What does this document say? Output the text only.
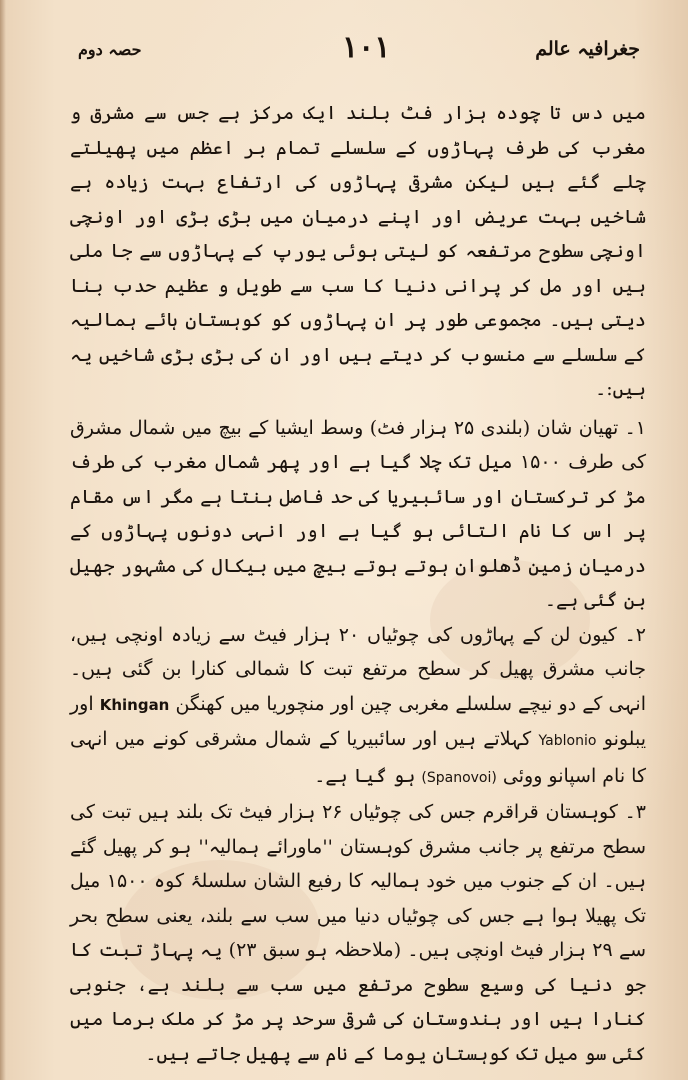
جغرافیہ عالم
۱۰۱
حصہ دوم

میں دس تا چودہ ہزار فٹ بلند ایک مرکز ہے جس سے مشرق و مغرب کی طرف پہاڑوں کے سلسلے تمام بر اعظم میں پھیلتے چلے گئے ہیں لیکن مشرقی پہاڑوں کی ارتفاع بہت زیادہ ہے شاخیں بہت عریض اور اپنے درمیان میں بڑی بڑی اور اونچی اونچی سطوح مرتفعہ کو لیتی ہوئی یورپ کے پہاڑوں سے جا ملی ہیں اور مل کر پرانی دنیا کا سب سے طویل و عظیم حدب بنا دیتی ہیں۔ مجموعی طور پر ان پہاڑوں کو کوہستان ہائے ہمالیہ کے سلسلے سے منسوب کر دیتے ہیں اور ان کی بڑی بڑی شاخیں یہ ہیں:۔

۱۔ تھیان شان (بلندی ۲۵ ہزار فٹ) وسط ایشیا کے بیچ میں شمال مشرق کی طرف ۱۵۰۰ میل تک چلا گیا ہے اور پھر شمال مغرب کی طرف مڑ کر ترکستان اور سائبیریا کی حد فاصل بنتا ہے مگر اس مقام پر اس کا نام التائی ہو گیا ہے اور انہی دونوں پہاڑوں کے درمیان زمین ڈھلوان ہوتے ہوتے بیچ میں بیکال کی مشہور جھیل بن گئی ہے۔

۲۔ کیون لن کے پہاڑوں کی چوٹیاں ۲۰ ہزار فیٹ سے زیادہ اونچی ہیں، جانب مشرق پھیل کر سطح مرتفع تبت کا شمالی کنارا بن گئی ہیں۔ انہی کے دو نیچے سلسلے مغربی چین اور منچوریا میں کھنگن Khingan اور یبلونو Yablonio کہلاتے ہیں اور سائبیریا کے شمال مشرقی کونے میں انہی کا نام اسپانو ووئی (Spanovoi) ہو گیا ہے۔

۳۔ کوہستان قراقرم جس کی چوٹیاں ۲۶ ہزار فیٹ تک بلند ہیں تبت کی سطح مرتفع پر جانب مشرق کوہستان ''ماورائے ہمالیہ'' ہو کر پھیل گئے ہیں۔ ان کے جنوب میں خود ہمالیہ کا رفیع الشان سلسلۂ کوہ ۱۵۰۰ میل تک پھیلا ہوا ہے جس کی چوٹیاں دنیا میں سب سے بلند، یعنی سطح بحر سے ۲۹ ہزار فیٹ اونچی ہیں۔ (ملاحظہ ہو سبق ۲۳) یہ پہاڑ تبت کا جو دنیا کی وسیع سطوح مرتفع میں سب سے بلند ہے، جنوبی کنارا ہیں اور ہندوستان کی شرقی سرحد پر مڑ کر ملک برما میں کئی سو میل تک کوہستان یوما کے نام سے پھیل جاتے ہیں۔
